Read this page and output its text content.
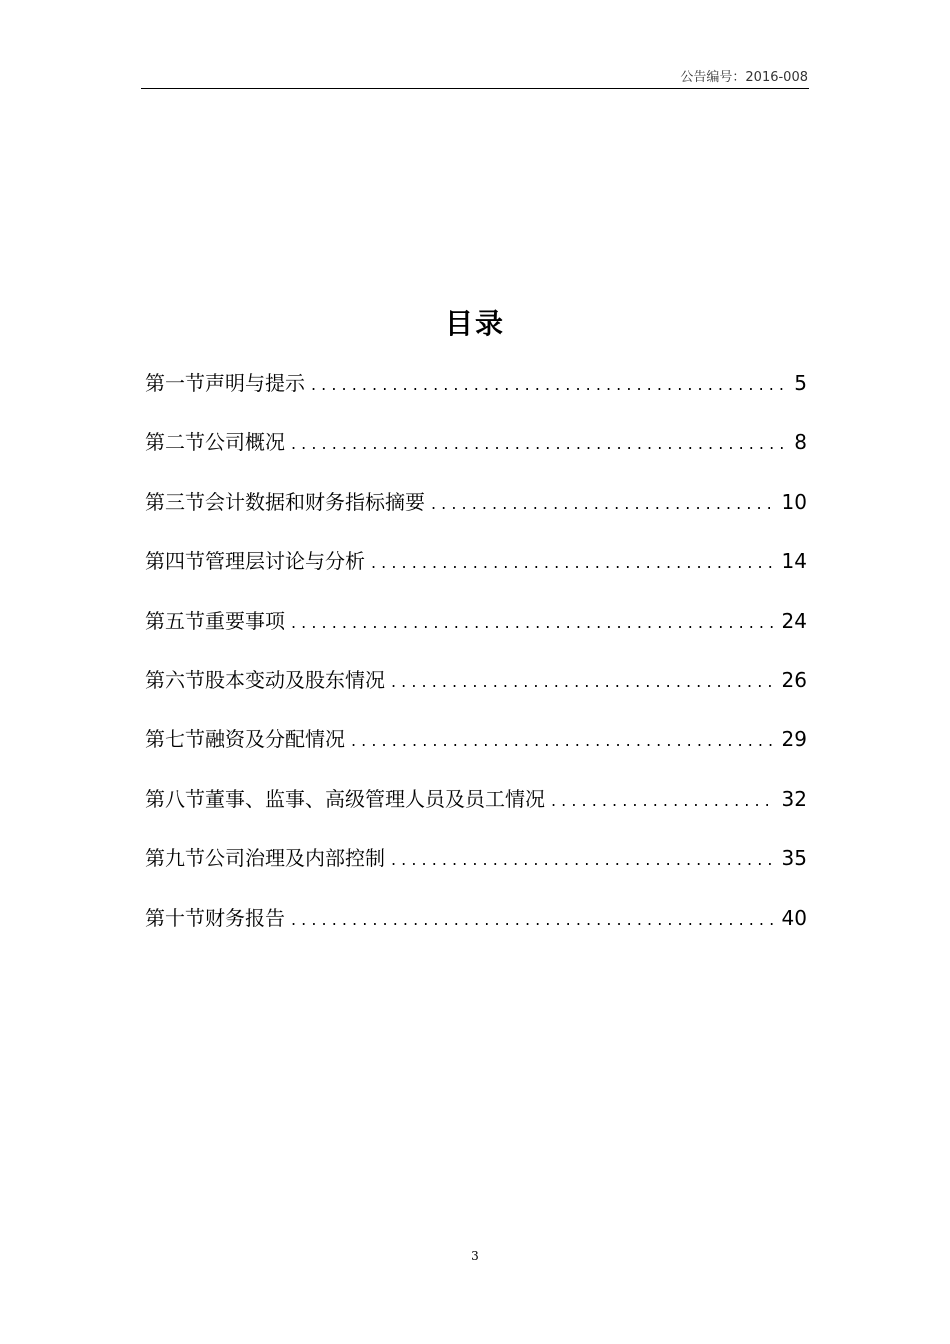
公告编号：2016-008
目录
第一节声明与提示 . . .	5
第二节公司概况 . . .	8
第三节会计数据和财务指标摘要 . . .	10
第四节管理层讨论与分析 . . .	14
第五节重要事项 . . .	24
第六节股本变动及股东情况 . . .	26
第七节融资及分配情况 . . .	29
第八节董事、监事、高级管理人员及员工情况 . . .	32
第九节公司治理及内部控制 . . .	35
第十节财务报告 . . .	40
3
